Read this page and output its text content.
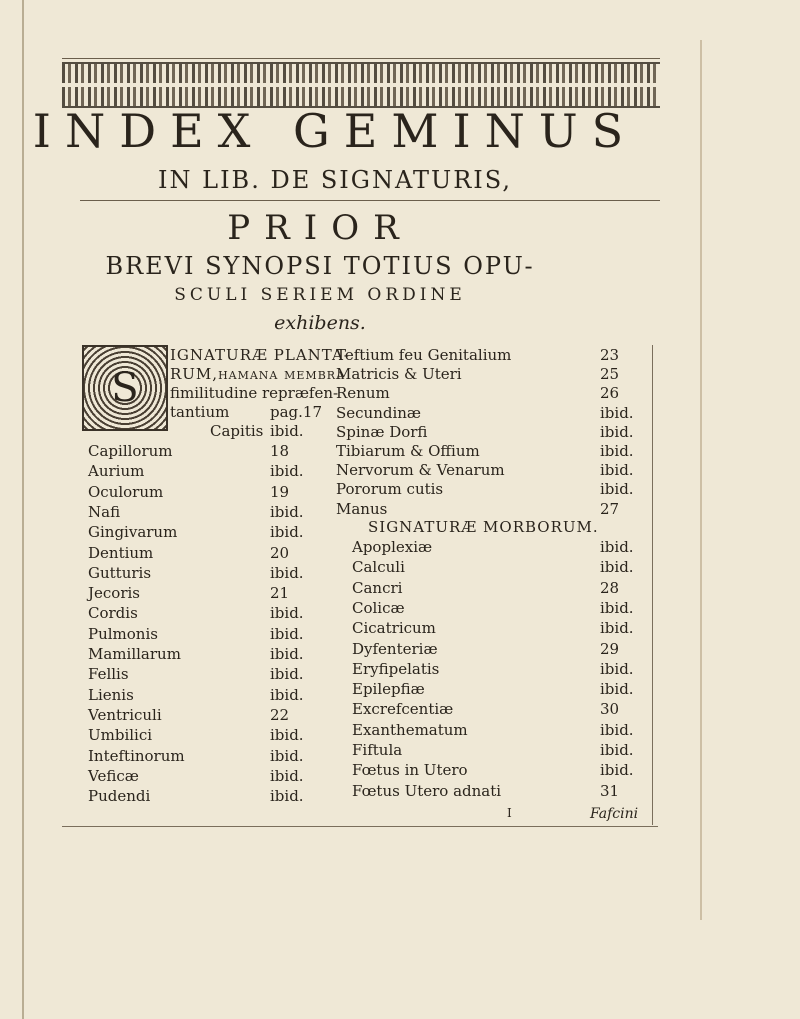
INDEX GEMINUS
IN LIB. DE SIGNATURIS,
PRIOR
BREVI SYNOPSI TOTIUS OPU-
SCULI SERIEM ORDINE
exhibens.
S
IGNATURÆ PLANTA-
RUM,hamana membra
fimilitudine repræfen-
tantium	pag.17
Capitis ibid.
Capillorum	18
Aurium	ibid.
Oculorum	19
Nafi	ibid.
Gingivarum	ibid.
Dentium	20
Gutturis	ibid.
Jecoris	21
Cordis	ibid.
Pulmonis	ibid.
Mamillarum	ibid.
Fellis	ibid.
Lienis	ibid.
Ventriculi	22
Umbilici	ibid.
Inteftinorum	ibid.
Veficæ	ibid.
Pudendi	ibid.
Teftium feu Genitalium	23
Matricis & Uteri	25
Renum	26
Secundinæ	ibid.
Spinæ Dorfi	ibid.
Tibiarum & Offium	ibid.
Nervorum & Venarum	ibid.
Pororum cutis	ibid.
Manus	27
SIGNATURÆ MORBORUM.
Apoplexiæ	ibid.
Calculi	ibid.
Cancri	28
Colicæ	ibid.
Cicatricum	ibid.
Dyfenteriæ	29
Eryfipelatis	ibid.
Epilepfiæ	ibid.
Excrefcentiæ	30
Exanthematum	ibid.
Fiftula	ibid.
Fœtus in Utero	ibid.
Fœtus Utero adnati	31
I	Fafcini
